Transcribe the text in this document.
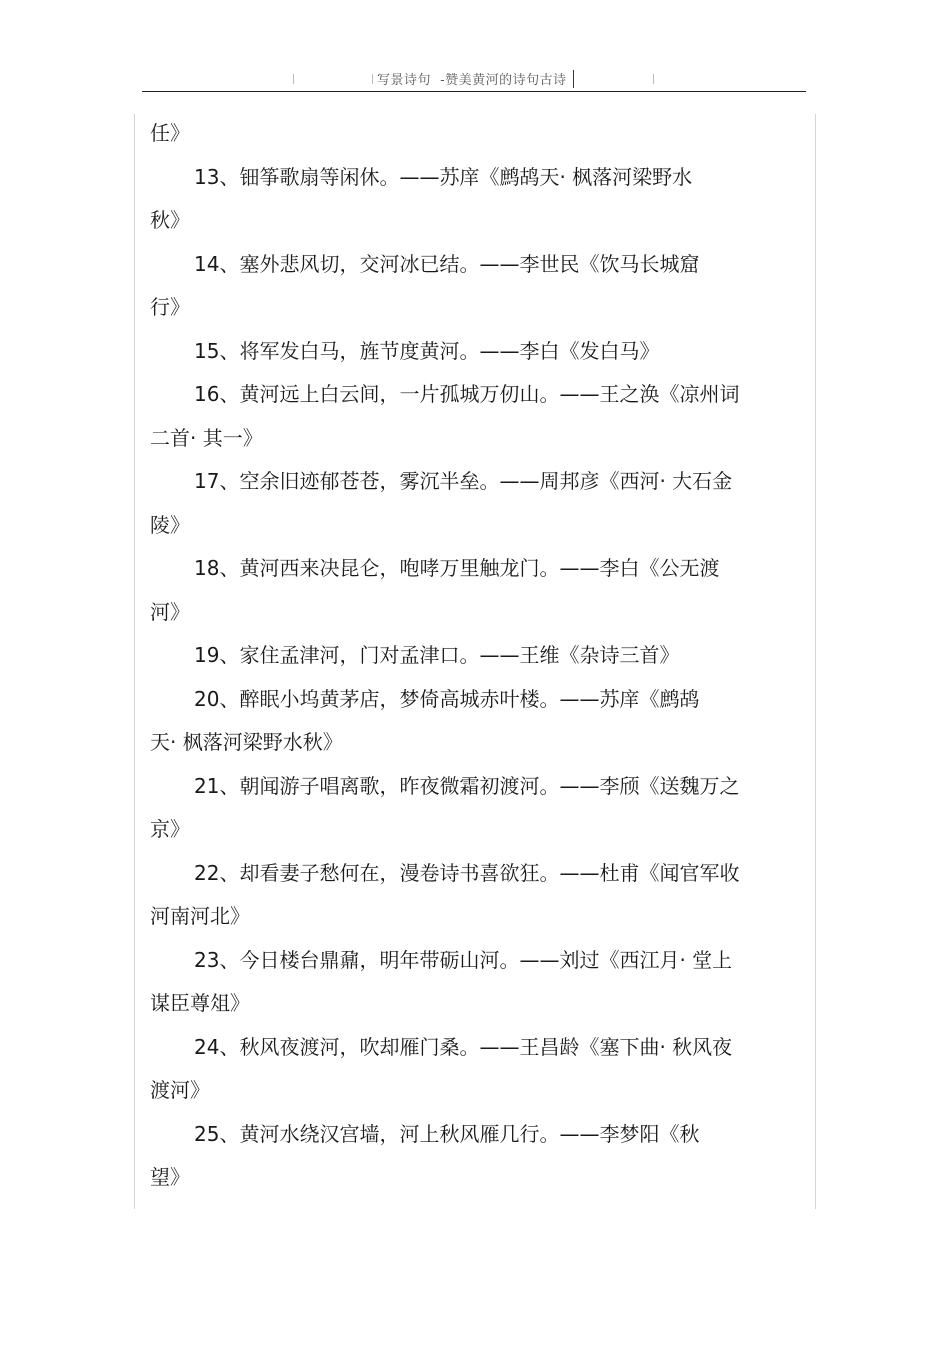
写景诗句  -赞美黄河的诗句古诗
任》
13、钿筝歌扇等闲休。——苏庠《鹧鸪天· 枫落河梁野水
秋》
14、塞外悲风切，交河冰已结。——李世民《饮马长城窟
行》
15、将军发白马，旌节度黄河。——李白《发白马》
16、黄河远上白云间，一片孤城万仞山。——王之涣《凉州词
二首· 其一》
17、空余旧迹郁苍苍，雾沉半垒。——周邦彦《西河· 大石金
陵》
18、黄河西来决昆仑，咆哮万里触龙门。——李白《公无渡
河》
19、家住孟津河，门对孟津口。——王维《杂诗三首》
20、醉眠小坞黄茅店，梦倚高城赤叶楼。——苏庠《鹧鸪
天· 枫落河梁野水秋》
21、朝闻游子唱离歌，昨夜微霜初渡河。——李颀《送魏万之
京》
22、却看妻子愁何在，漫卷诗书喜欲狂。——杜甫《闻官军收
河南河北》
23、今日楼台鼎鼐，明年带砺山河。——刘过《西江月· 堂上
谋臣尊俎》
24、秋风夜渡河，吹却雁门桑。——王昌龄《塞下曲· 秋风夜
渡河》
25、黄河水绕汉宫墙，河上秋风雁几行。——李梦阳《秋
望》
